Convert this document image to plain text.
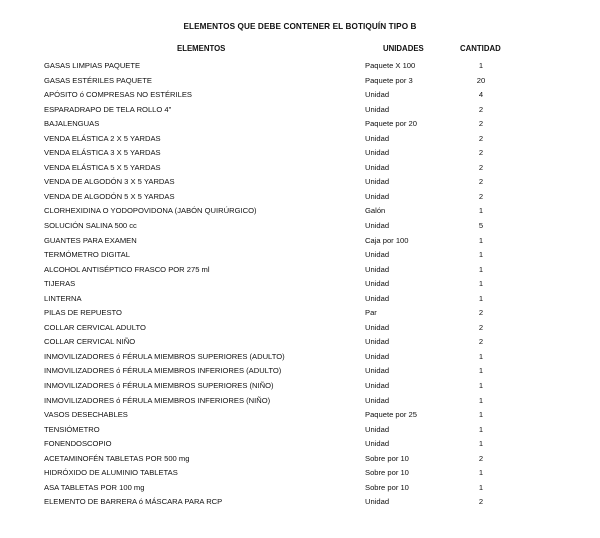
ELEMENTOS QUE DEBE CONTENER EL BOTIQUÍN TIPO B
ELEMENTOS	UNIDADES	CANTIDAD
GASAS LIMPIAS PAQUETE	Paquete X 100	1
GASAS ESTÉRILES PAQUETE	Paquete por 3	20
APÓSITO ó COMPRESAS NO ESTÉRILES	Unidad	4
ESPARADRAPO DE TELA ROLLO 4"	Unidad	2
BAJALENGUAS	Paquete por 20	2
VENDA ELÁSTICA 2 X 5 YARDAS	Unidad	2
VENDA ELÁSTICA 3 X 5 YARDAS	Unidad	2
VENDA ELÁSTICA 5 X 5 YARDAS	Unidad	2
VENDA DE ALGODÓN 3 X 5 YARDAS	Unidad	2
VENDA DE ALGODÓN 5 X 5 YARDAS	Unidad	2
CLORHEXIDINA O YODOPOVIDONA (JABÓN QUIRÚRGICO)	Galón	1
SOLUCIÓN SALINA 500 cc	Unidad	5
GUANTES PARA EXAMEN	Caja por 100	1
TERMÓMETRO DIGITAL	Unidad	1
ALCOHOL ANTISÉPTICO FRASCO POR 275 ml	Unidad	1
TIJERAS	Unidad	1
LINTERNA	Unidad	1
PILAS DE REPUESTO	Par	2
COLLAR CERVICAL ADULTO	Unidad	2
COLLAR CERVICAL NIÑO	Unidad	2
INMOVILIZADORES ó FÉRULA MIEMBROS SUPERIORES (ADULTO)	Unidad	1
INMOVILIZADORES ó FÉRULA MIEMBROS INFERIORES (ADULTO)	Unidad	1
INMOVILIZADORES ó FÉRULA MIEMBROS SUPERIORES (NIÑO)	Unidad	1
INMOVILIZADORES ó FÉRULA MIEMBROS INFERIORES (NIÑO)	Unidad	1
VASOS DESECHABLES	Paquete por 25	1
TENSIÓMETRO	Unidad	1
FONENDOSCOPIO	Unidad	1
ACETAMINOFÉN TABLETAS POR 500 mg	Sobre por 10	2
HIDRÓXIDO DE ALUMINIO TABLETAS	Sobre por 10	1
ASA TABLETAS POR 100 mg	Sobre por 10	1
ELEMENTO DE BARRERA ó MÁSCARA PARA RCP	Unidad	2
